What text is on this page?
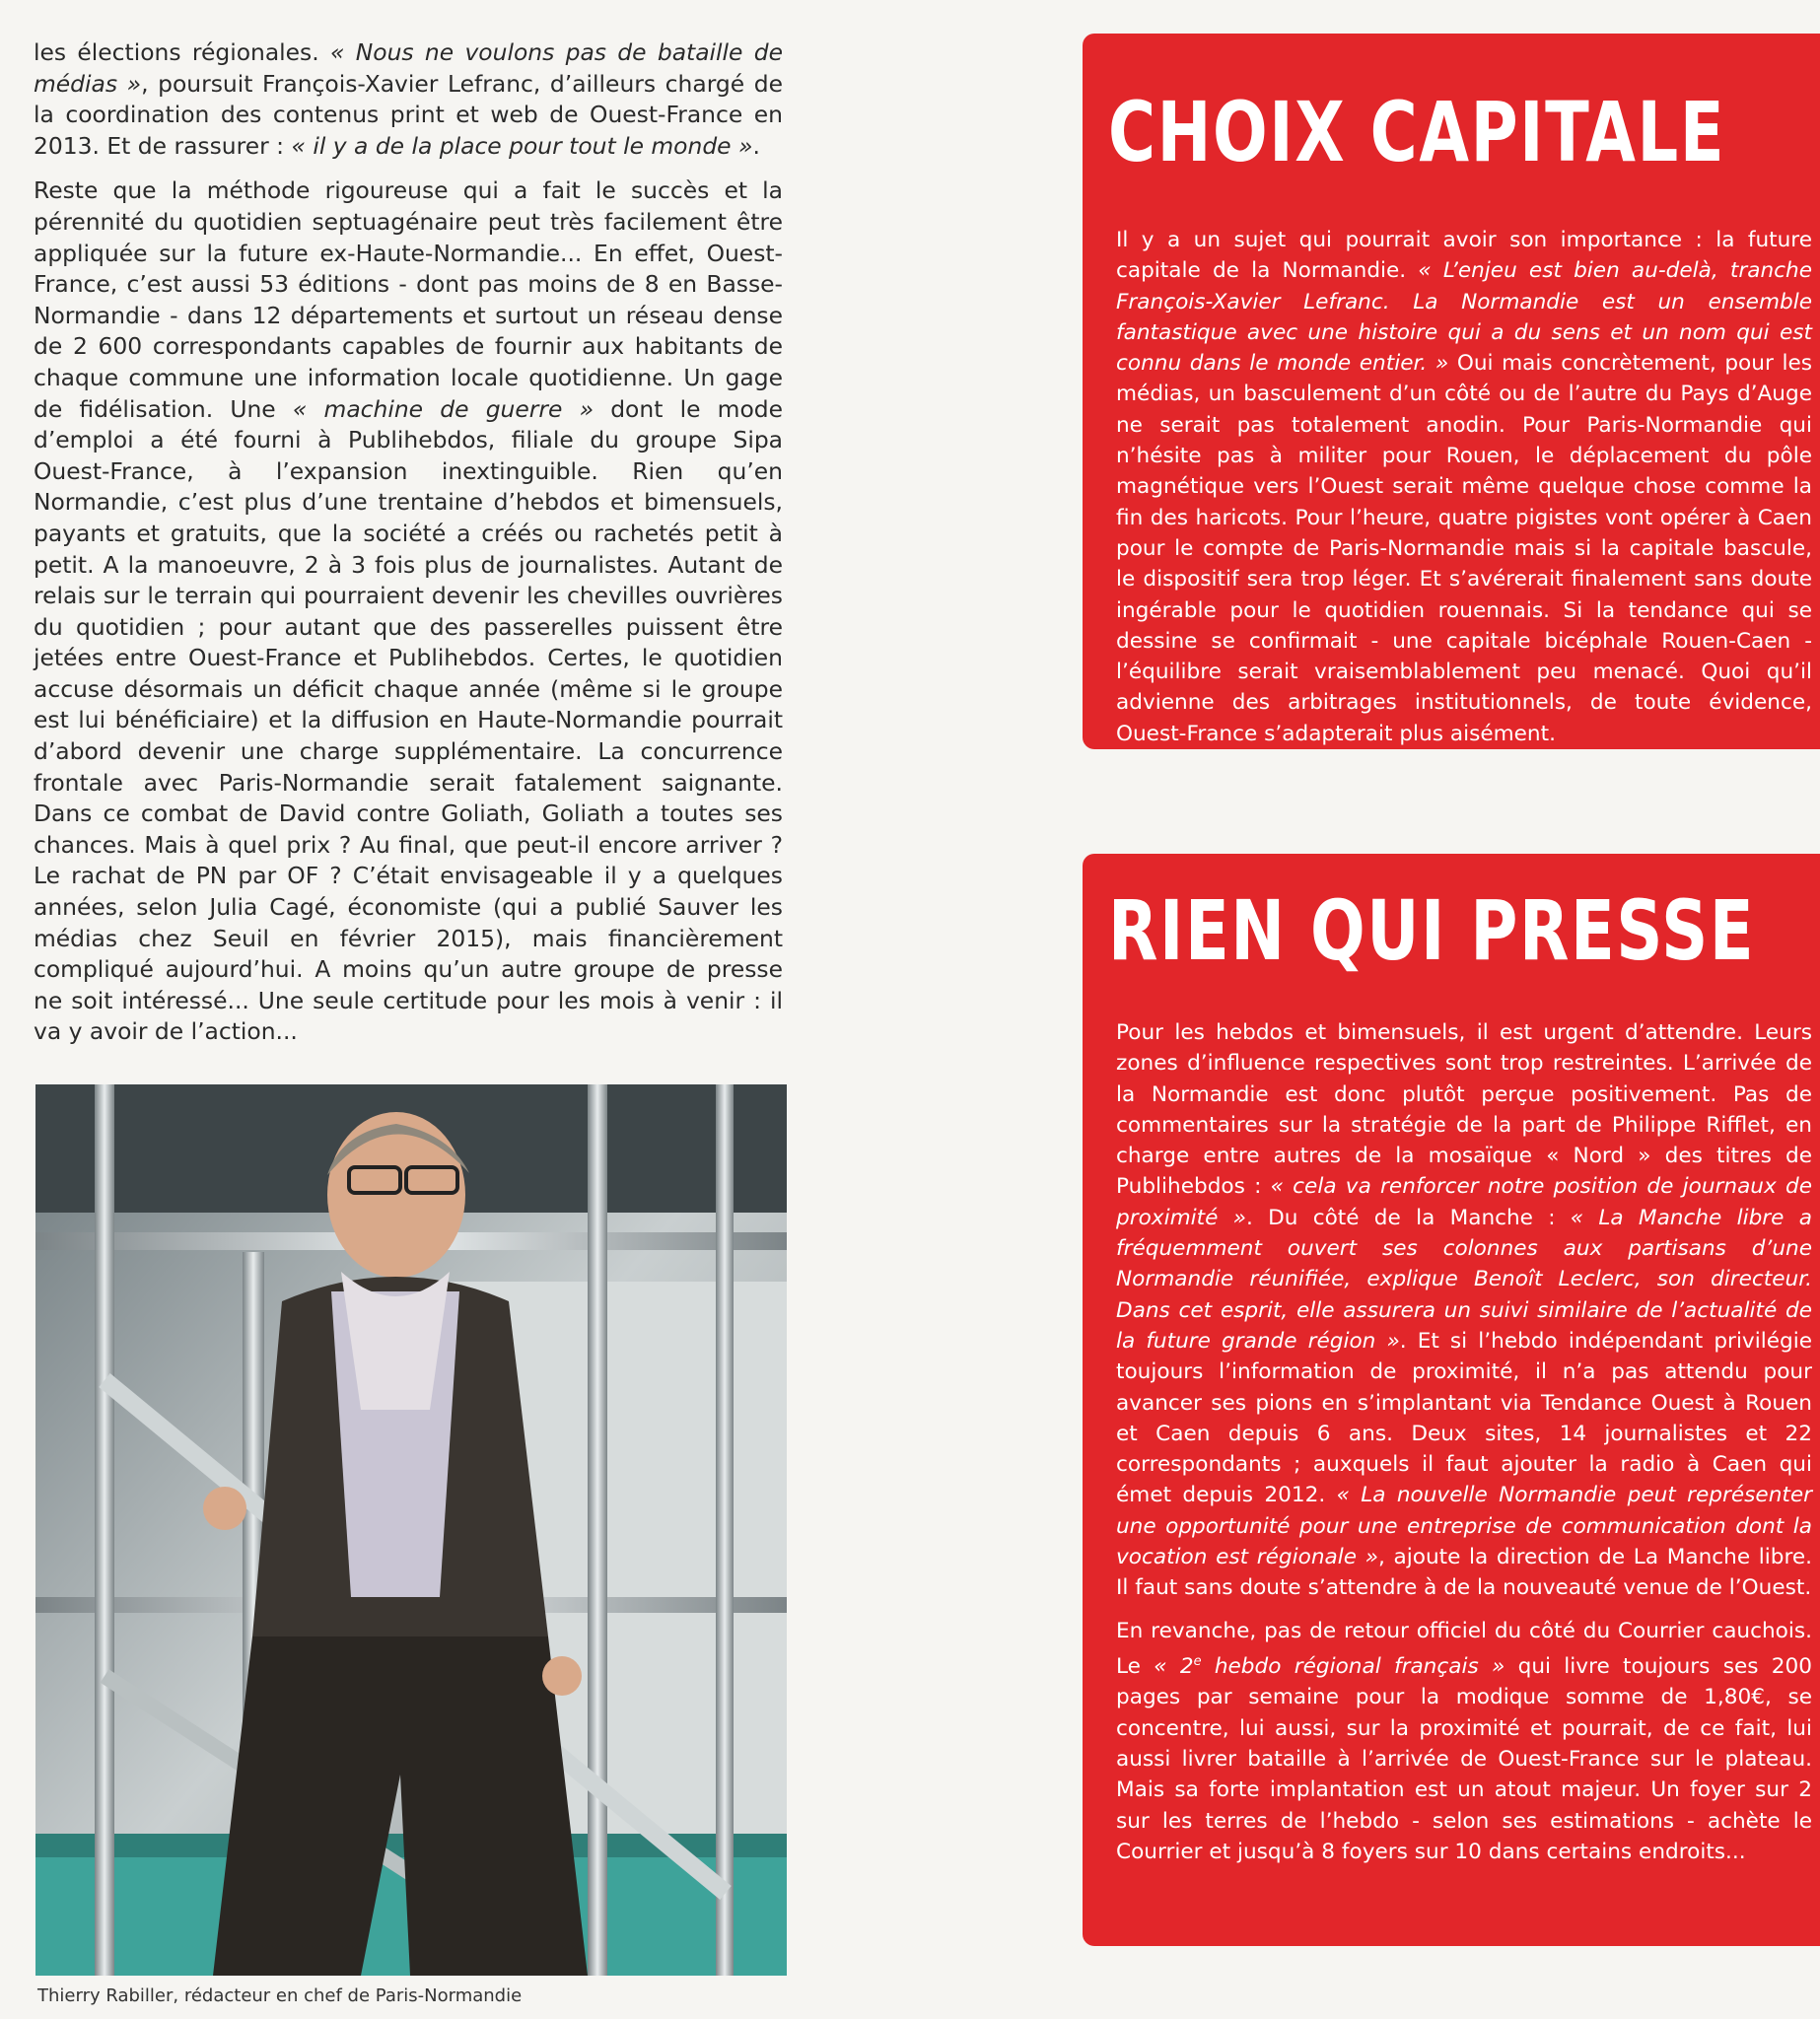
les élections régionales. « Nous ne voulons pas de bataille de médias », poursuit François-Xavier Lefranc, d’ailleurs chargé de la coordination des contenus print et web de Ouest-France en 2013. Et de rassurer : « il y a de la place pour tout le monde ».

Reste que la méthode rigoureuse qui a fait le succès et la pérennité du quotidien septuagénaire peut très facilement être appliquée sur la future ex-Haute-Normandie... En effet, Ouest-France, c’est aussi 53 éditions - dont pas moins de 8 en Basse-Normandie - dans 12 départements et surtout un réseau dense de 2 600 correspondants capables de fournir aux habitants de chaque commune une information locale quotidienne. Un gage de fidélisation. Une « machine de guerre » dont le mode d’emploi a été fourni à Publihebdos, filiale du groupe Sipa Ouest-France, à l’expansion inextinguible. Rien qu’en Normandie, c’est plus d’une trentaine d’hebdos et bimensuels, payants et gratuits, que la société a créés ou rachetés petit à petit. A la manoeuvre, 2 à 3 fois plus de journalistes. Autant de relais sur le terrain qui pourraient devenir les chevilles ouvrières du quotidien ; pour autant que des passerelles puissent être jetées entre Ouest-France et Publihebdos. Certes, le quotidien accuse désormais un déficit chaque année (même si le groupe est lui bénéficiaire) et la diffusion en Haute-Normandie pourrait d’abord devenir une charge supplémentaire. La concurrence frontale avec Paris-Normandie serait fatalement saignante. Dans ce combat de David contre Goliath, Goliath a toutes ses chances. Mais à quel prix ? Au final, que peut-il encore arriver ? Le rachat de PN par OF ? C’était envisageable il y a quelques années, selon Julia Cagé, économiste (qui a publié Sauver les médias chez Seuil en février 2015), mais financièrement compliqué aujourd’hui. A moins qu’un autre groupe de presse ne soit intéressé... Une seule certitude pour les mois à venir : il va y avoir de l’action...

Thierry Rabiller, rédacteur en chef de Paris-Normandie
CHOIX CAPITALE

Il y a un sujet qui pourrait avoir son importance : la future capitale de la Normandie. « L’enjeu est bien au-delà, tranche François-Xavier Lefranc. La Normandie est un ensemble fantastique avec une histoire qui a du sens et un nom qui est connu dans le monde entier. » Oui mais concrètement, pour les médias, un basculement d’un côté ou de l’autre du Pays d’Auge ne serait pas totalement anodin. Pour Paris-Normandie qui n’hésite pas à militer pour Rouen, le déplacement du pôle magnétique vers l’Ouest serait même quelque chose comme la fin des haricots. Pour l’heure, quatre pigistes vont opérer à Caen pour le compte de Paris-Normandie mais si la capitale bascule, le dispositif sera trop léger. Et s’avérerait finalement sans doute ingérable pour le quotidien rouennais. Si la tendance qui se dessine se confirmait - une capitale bicéphale Rouen-Caen - l’équilibre serait vraisemblablement peu menacé. Quoi qu’il advienne des arbitrages institutionnels, de toute évidence, Ouest-France s’adapterait plus aisément.

RIEN QUI PRESSE

Pour les hebdos et bimensuels, il est urgent d’attendre. Leurs zones d’influence respectives sont trop restreintes. L’arrivée de la Normandie est donc plutôt perçue positivement. Pas de commentaires sur la stratégie de la part de Philippe Rifflet, en charge entre autres de la mosaïque « Nord » des titres de Publihebdos : « cela va renforcer notre position de journaux de proximité ». Du côté de la Manche : « La Manche libre a fréquemment ouvert ses colonnes aux partisans d’une Normandie réunifiée, explique Benoît Leclerc, son directeur. Dans cet esprit, elle assurera un suivi similaire de l’actualité de la future grande région ». Et si l’hebdo indépendant privilégie toujours l’information de proximité, il n’a pas attendu pour avancer ses pions en s’implantant via Tendance Ouest à Rouen et Caen depuis 6 ans. Deux sites, 14 journalistes et 22 correspondants ; auxquels il faut ajouter la radio à Caen qui émet depuis 2012. « La nouvelle Normandie peut représenter une opportunité pour une entreprise de communication dont la vocation est régionale », ajoute la direction de La Manche libre. Il faut sans doute s’attendre à de la nouveauté venue de l’Ouest.

En revanche, pas de retour officiel du côté du Courrier cauchois. Le « 2e hebdo régional français » qui livre toujours ses 200 pages par semaine pour la modique somme de 1,80€, se concentre, lui aussi, sur la proximité et pourrait, de ce fait, lui aussi livrer bataille à l’arrivée de Ouest-France sur le plateau. Mais sa forte implantation est un atout majeur. Un foyer sur 2 sur les terres de l’hebdo - selon ses estimations - achète le Courrier et jusqu’à 8 foyers sur 10 dans certains endroits...
